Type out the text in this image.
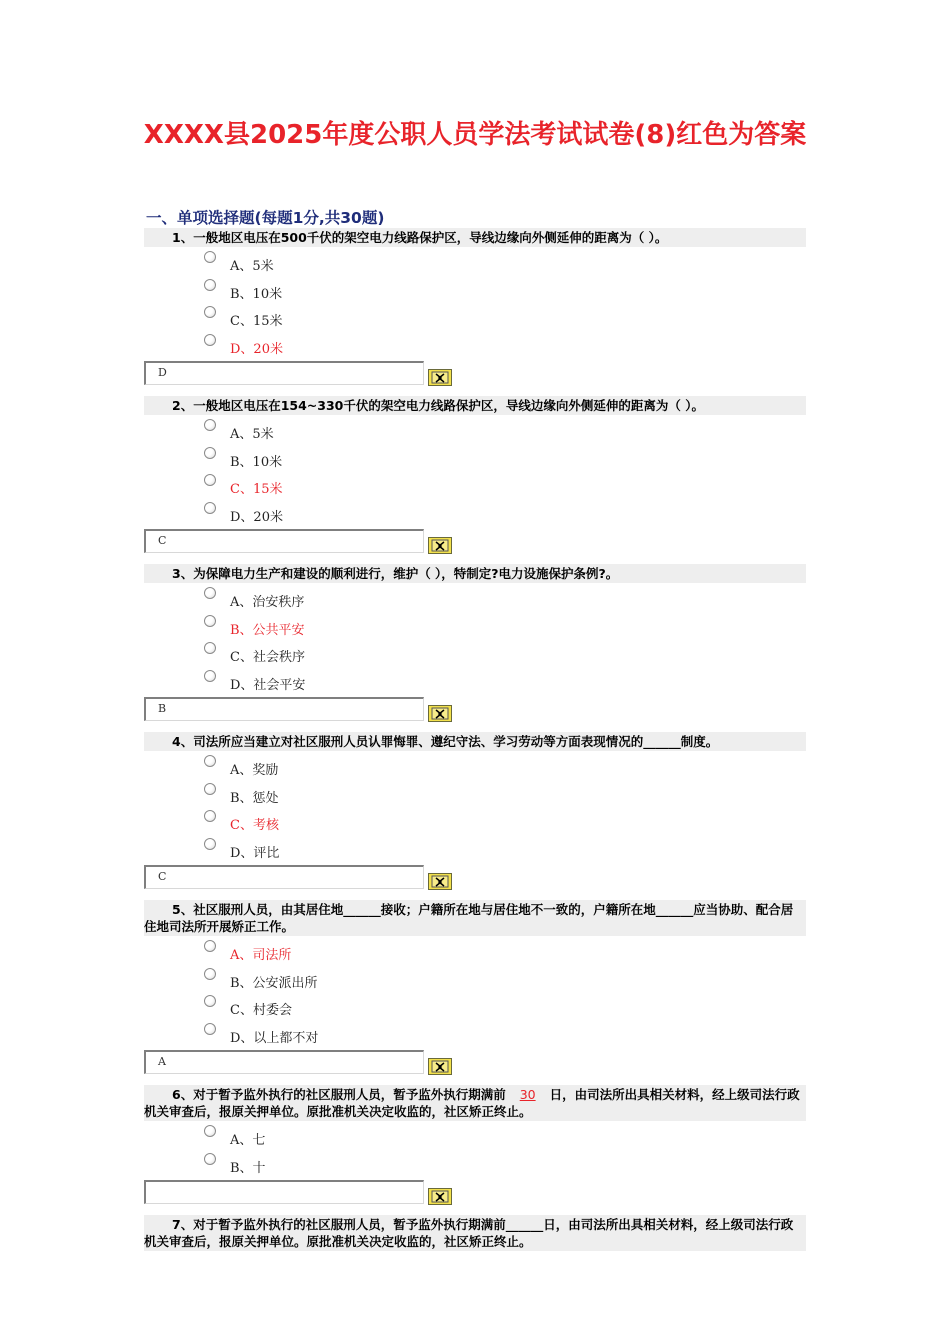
XXXX县2025年度公职人员学法考试试卷(8)红色为答案
一、单项选择题(每题1分,共30题)
1、一般地区电压在500千伏的架空电力线路保护区，导线边缘向外侧延伸的距离为（ ）。
A、5米
B、10米
C、15米
D、20米
D
2、一般地区电压在154~330千伏的架空电力线路保护区，导线边缘向外侧延伸的距离为（ ）。
A、5米
B、10米
C、15米
D、20米
C
3、为保障电力生产和建设的顺利进行，维护（ ），特制定?电力设施保护条例?。
A、治安秩序
B、公共平安
C、社会秩序
D、社会平安
B
4、司法所应当建立对社区服刑人员认罪悔罪、遵纪守法、学习劳动等方面表现情况的______制度。
A、奖励
B、惩处
C、考核
D、评比
C
5、社区服刑人员，由其居住地______接收；户籍所在地与居住地不一致的，户籍所在地______应当协助、配合居住地司法所开展矫正工作。
A、司法所
B、公安派出所
C、村委会
D、以上都不对
A
6、对于暂予监外执行的社区服刑人员，暂予监外执行期满前 30 日，由司法所出具相关材料，经上级司法行政机关审查后，报原关押单位。原批准机关决定收监的，社区矫正终止。
A、七
B、十
7、对于暂予监外执行的社区服刑人员，暂予监外执行期满前______日，由司法所出具相关材料，经上级司法行政机关审查后，报原关押单位。原批准机关决定收监的，社区矫正终止。
